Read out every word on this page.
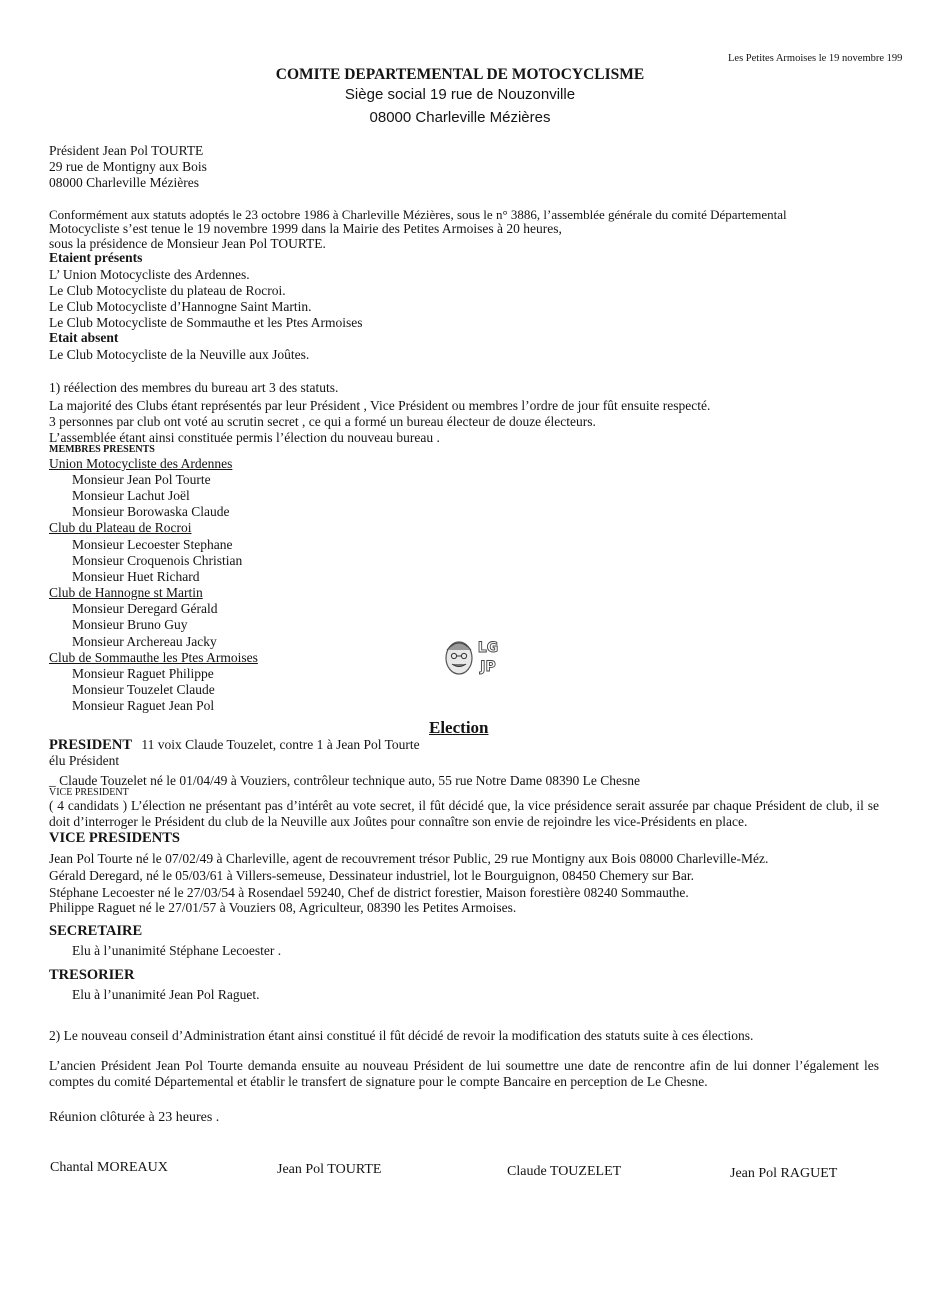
Les Petites Armoises le 19 novembre 199
COMITE DEPARTEMENTAL DE MOTOCYCLISME
Siège social 19 rue de Nouzonville
08000 Charleville Mézières
Président Jean Pol TOURTE
29 rue de Montigny aux Bois
08000 Charleville Mézières
Conformément aux statuts adoptés le 23 octobre 1986 à Charleville Mézières, sous le n° 3886, l’assemblée générale du comité Départemental
Motocycliste s’est tenue le 19 novembre 1999 dans la Mairie des Petites Armoises à 20 heures,
sous la présidence de Monsieur Jean Pol TOURTE.
Etaient présents
L’ Union Motocycliste des Ardennes.
Le Club Motocycliste du plateau de Rocroi.
Le Club Motocycliste d’Hannogne Saint Martin.
Le Club Motocycliste de Sommauthe et les Ptes Armoises
Etait absent
Le Club Motocycliste de la Neuville aux Joûtes.
1) réélection des membres du bureau art 3 des statuts.
La majorité des Clubs étant représentés par leur Président , Vice Président ou membres l’ordre de jour fût ensuite respecté.
3 personnes par club ont voté au scrutin secret , ce qui a formé un bureau électeur de douze électeurs.
L’assemblée étant ainsi constituée permis l’élection du nouveau bureau .
MEMBRES PRESENTS
Union Motocycliste des Ardennes
Monsieur Jean Pol Tourte
Monsieur Lachut Joël
Monsieur Borowaska Claude
Club du Plateau de Rocroi
Monsieur Lecoester Stephane
Monsieur Croquenois Christian
Monsieur Huet Richard
Club de Hannogne st Martin
Monsieur Deregard Gérald
Monsieur Bruno Guy
Monsieur Archereau Jacky
Club de Sommauthe les Ptes Armoises
Monsieur Raguet Philippe
Monsieur Touzelet Claude
Monsieur Raguet Jean Pol
LG
JP
Election
PRESIDENT 11 voix Claude Touzelet, contre 1 à Jean Pol Tourte
élu Président
_ Claude Touzelet né le 01/04/49 à Vouziers, contrôleur technique auto, 55 rue Notre Dame 08390 Le Chesne
VICE PRESIDENT
( 4 candidats ) L’élection ne présentant pas d’intérêt au vote secret, il fût décidé que, la vice présidence serait assurée par chaque Président de club, il se doit d’interroger le Président du club de la Neuville aux Joûtes pour connaître son envie de rejoindre les vice-Présidents en place.
VICE PRESIDENTS
Jean Pol Tourte né le 07/02/49 à Charleville, agent de recouvrement trésor Public, 29 rue Montigny aux Bois 08000 Charleville-Méz.
Gérald Deregard, né le 05/03/61 à Villers-semeuse, Dessinateur industriel, lot le Bourguignon, 08450 Chemery sur Bar.
Stéphane Lecoester né le 27/03/54 à Rosendael 59240, Chef de district forestier, Maison forestière 08240 Sommauthe.
Philippe Raguet né le 27/01/57 à Vouziers 08, Agriculteur, 08390 les Petites Armoises.
SECRETAIRE
Elu à l’unanimité Stéphane Lecoester .
TRESORIER
Elu à l’unanimité Jean Pol Raguet.
2) Le nouveau conseil d’Administration étant ainsi constitué il fût décidé de revoir la modification des statuts suite à ces élections.
L’ancien Président Jean Pol Tourte demanda ensuite au nouveau Président de lui soumettre une date de rencontre afin de lui donner l’également les comptes du comité Départemental et établir le transfert de signature pour le compte Bancaire en perception de Le Chesne.
Réunion clôturée à 23 heures .
Chantal MOREAUX	Jean Pol TOURTE	Claude TOUZELET	Jean Pol RAGUET
